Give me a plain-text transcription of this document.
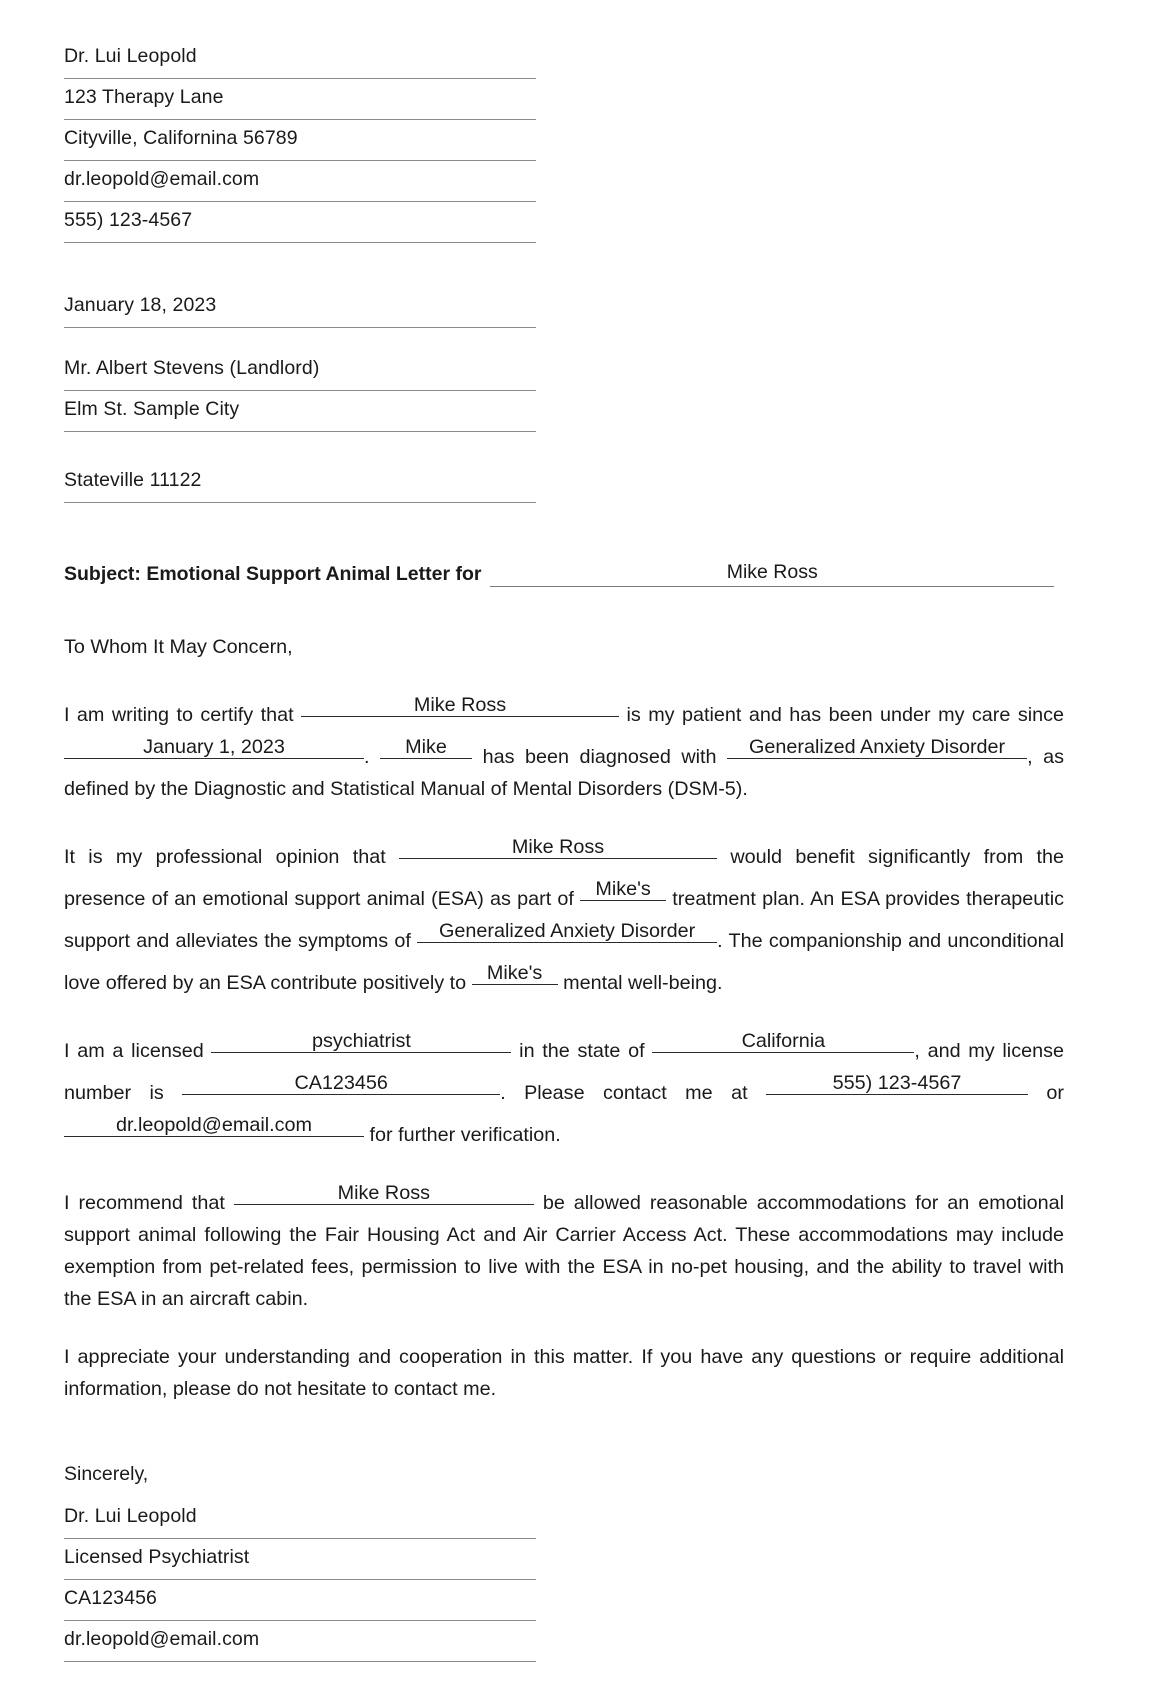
Dr. Lui Leopold
123 Therapy Lane
Cityville, Californina 56789
dr.leopold@email.com
555) 123-4567
January 18, 2023
Mr. Albert Stevens (Landlord)
Elm St. Sample City
Stateville 11122
Subject: Emotional Support Animal Letter for	Mike Ross

To Whom It May Concern,

I am writing to certify that	Mike Ross	is my patient and has been under my care since January 1, 2023	. Mike
has been diagnosed with Generalized Anxiety Disorder , as defined by the Diagnostic and Statistical Manual of Mental Disorders (DSM-5).

It is my professional opinion that	Mike Ross	would benefit significantly from the presence of an emotional support animal (ESA) as part of Mike's
treatment plan. An ESA provides therapeutic support and alleviates the symptoms of Generalized Anxiety Disorder . The companionship and unconditional love offered by an ESA contribute positively to Mike's
mental well-being.

I am a licensed	psychiatrist	in the state of	California	, and my license number is	CA123456	. Please contact me at	555) 123-4567	or dr.leopold@email.com	for further verification.

I recommend that	Mike Ross	be allowed reasonable accommodations for an emotional support animal following the Fair Housing Act and Air Carrier Access Act. These accommodations may include exemption from pet-related fees, permission to live with the ESA in no-pet housing, and the ability to travel with the ESA in an aircraft cabin.

I appreciate your understanding and cooperation in this matter. If you have any questions or require additional information, please do not hesitate to contact me.

Sincerely,
Dr. Lui Leopold
Licensed Psychiatrist
CA123456
dr.leopold@email.com
